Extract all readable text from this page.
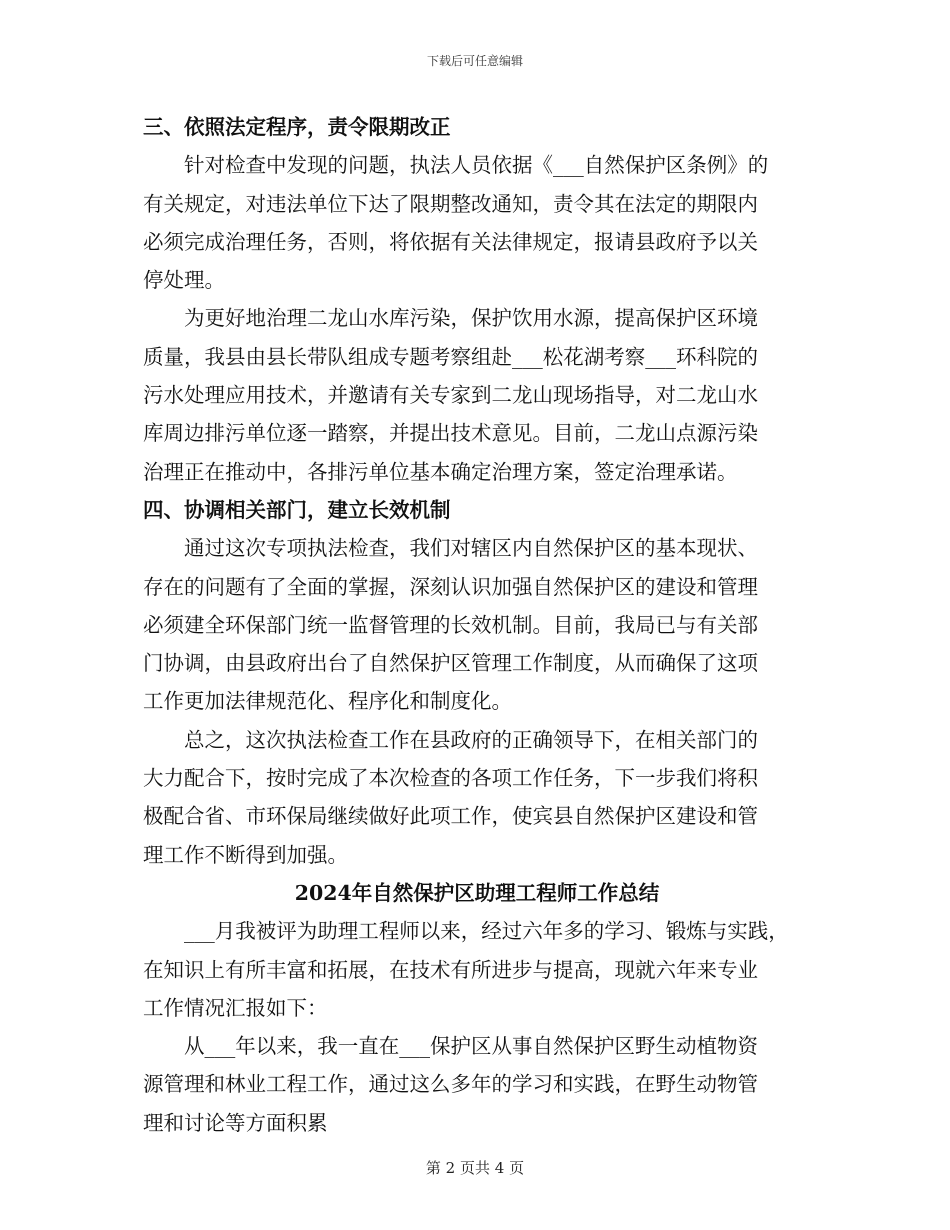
下载后可任意编辑
三、依照法定程序，责令限期改正
针对检查中发现的问题，执法人员依据《___自然保护区条例》的
有关规定，对违法单位下达了限期整改通知，责令其在法定的期限内
必须完成治理任务，否则，将依据有关法律规定，报请县政府予以关
停处理。
为更好地治理二龙山水库污染，保护饮用水源，提高保护区环境
质量，我县由县长带队组成专题考察组赴___松花湖考察___环科院的
污水处理应用技术，并邀请有关专家到二龙山现场指导，对二龙山水
库周边排污单位逐一踏察，并提出技术意见。目前，二龙山点源污染
治理正在推动中，各排污单位基本确定治理方案，签定治理承诺。
四、协调相关部门，建立长效机制
通过这次专项执法检查，我们对辖区内自然保护区的基本现状、
存在的问题有了全面的掌握，深刻认识加强自然保护区的建设和管理
必须建全环保部门统一监督管理的长效机制。目前，我局已与有关部
门协调，由县政府出台了自然保护区管理工作制度，从而确保了这项
工作更加法律规范化、程序化和制度化。
总之，这次执法检查工作在县政府的正确领导下，在相关部门的
大力配合下，按时完成了本次检查的各项工作任务，下一步我们将积
极配合省、市环保局继续做好此项工作，使宾县自然保护区建设和管
理工作不断得到加强。
2024年自然保护区助理工程师工作总结
___月我被评为助理工程师以来，经过六年多的学习、锻炼与实践，
在知识上有所丰富和拓展，在技术有所进步与提高，现就六年来专业
工作情况汇报如下：
从___年以来，我一直在___保护区从事自然保护区野生动植物资
源管理和林业工程工作，通过这么多年的学习和实践，在野生动物管
理和讨论等方面积累
第 2 页共 4 页
